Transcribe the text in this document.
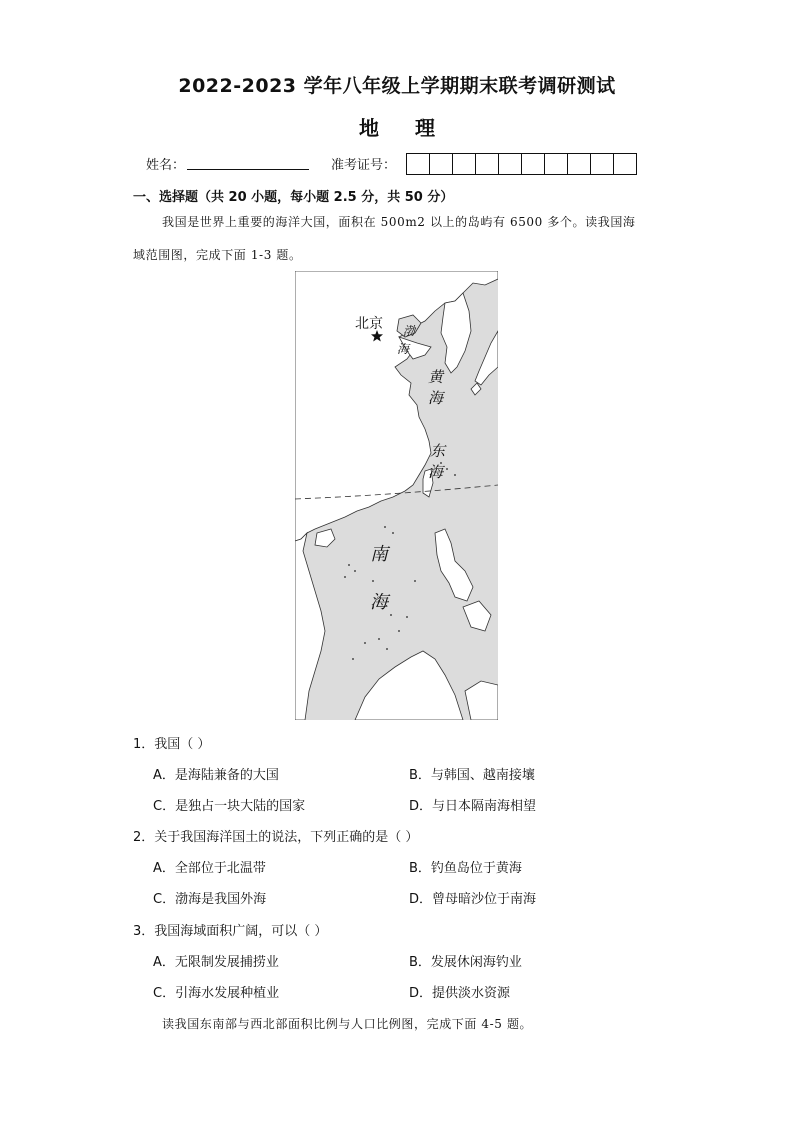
2022-2023 学年八年级上学期期末联考调研测试
地理
姓名：	准考证号：
一、选择题（共 20 小题，每小题 2.5 分，共 50 分）
我国是世界上重要的海洋大国，面积在 500m2 以上的岛屿有 6500 多个。读我国海
域范围图，完成下面 1-3 题。
北京 渤
海
黄
海
东
海
南
海
1．我国（ ）
A．是海陆兼备的大国	B．与韩国、越南接壤
C．是独占一块大陆的国家	D．与日本隔南海相望
2．关于我国海洋国土的说法，下列正确的是（ ）
A．全部位于北温带	B．钓鱼岛位于黄海
C．渤海是我国外海	D．曾母暗沙位于南海
3．我国海域面积广阔，可以（ ）
A．无限制发展捕捞业	B．发展休闲海钓业
C．引海水发展种植业	D．提供淡水资源
读我国东南部与西北部面积比例与人口比例图，完成下面 4-5 题。
